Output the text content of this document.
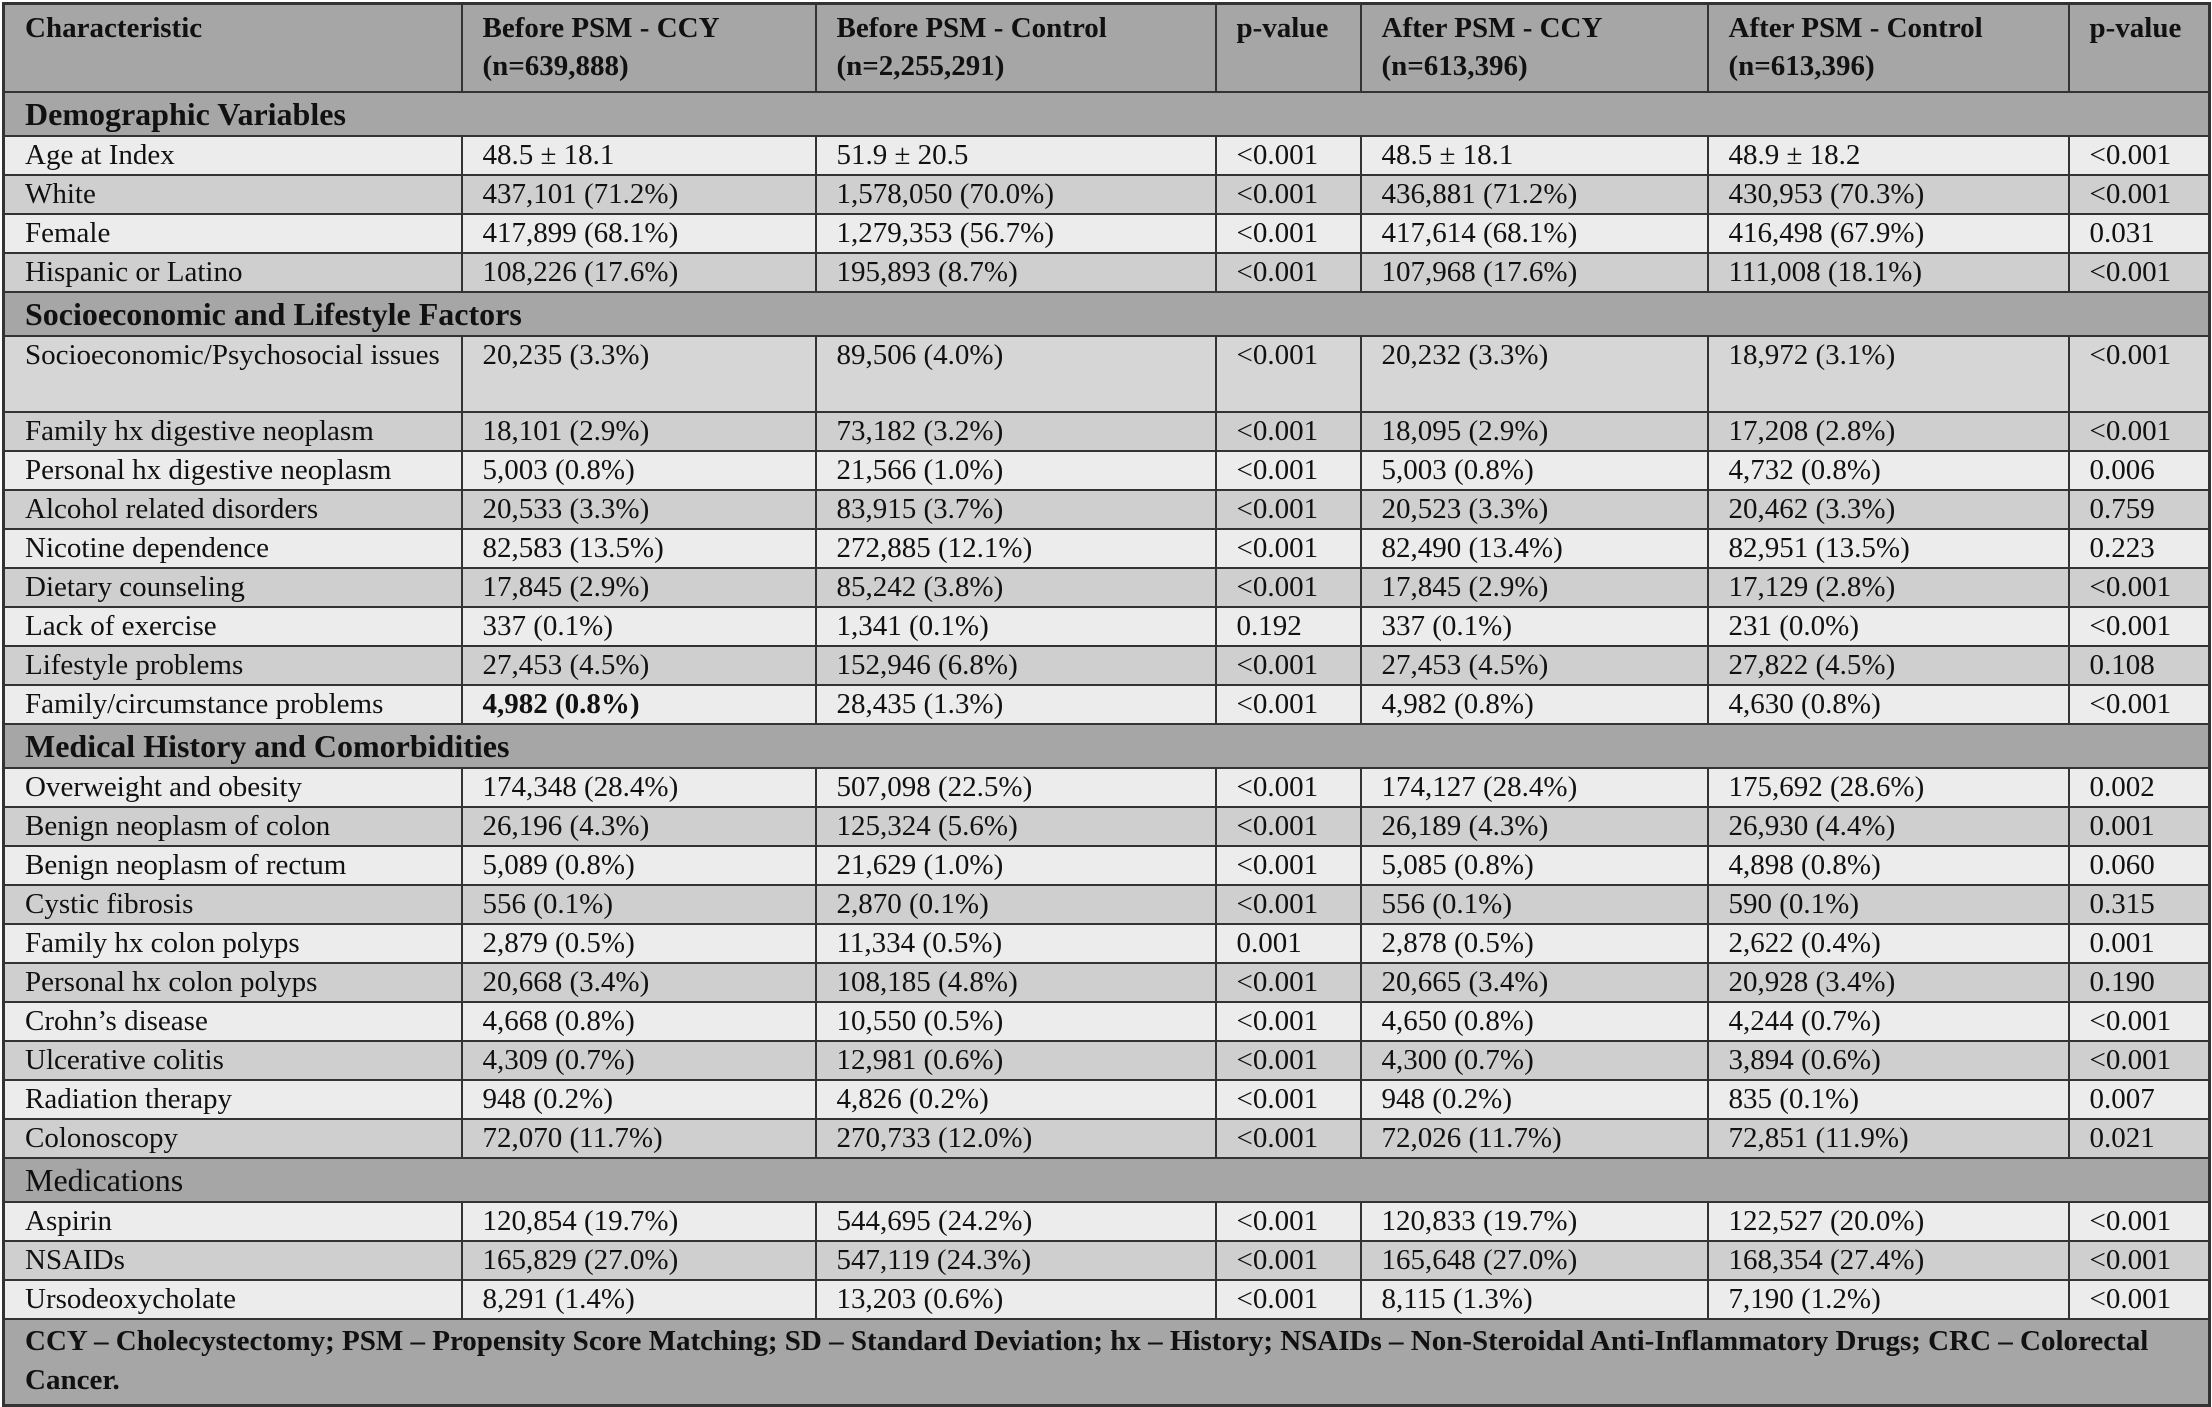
Characteristic	Before PSM - CCY (n=639,888)	Before PSM - Control (n=2,255,291)	p-value	After PSM - CCY (n=613,396)	After PSM - Control (n=613,396)	p-value
Demographic Variables						
Age at Index	48.5 ± 18.1	51.9 ± 20.5	<0.001	48.5 ± 18.1	48.9 ± 18.2	<0.001
White	437,101 (71.2%)	1,578,050 (70.0%)	<0.001	436,881 (71.2%)	430,953 (70.3%)	<0.001
Female	417,899 (68.1%)	1,279,353 (56.7%)	<0.001	417,614 (68.1%)	416,498 (67.9%)	0.031
Hispanic or Latino	108,226 (17.6%)	195,893 (8.7%)	<0.001	107,968 (17.6%)	111,008 (18.1%)	<0.001
Socioeconomic and Lifestyle Factors						
Socioeconomic/Psychosocial issues	20,235 (3.3%)	89,506 (4.0%)	<0.001	20,232 (3.3%)	18,972 (3.1%)	<0.001
Family hx digestive neoplasm	18,101 (2.9%)	73,182 (3.2%)	<0.001	18,095 (2.9%)	17,208 (2.8%)	<0.001
Personal hx digestive neoplasm	5,003 (0.8%)	21,566 (1.0%)	<0.001	5,003 (0.8%)	4,732 (0.8%)	0.006
Alcohol related disorders	20,533 (3.3%)	83,915 (3.7%)	<0.001	20,523 (3.3%)	20,462 (3.3%)	0.759
Nicotine dependence	82,583 (13.5%)	272,885 (12.1%)	<0.001	82,490 (13.4%)	82,951 (13.5%)	0.223
Dietary counseling	17,845 (2.9%)	85,242 (3.8%)	<0.001	17,845 (2.9%)	17,129 (2.8%)	<0.001
Lack of exercise	337 (0.1%)	1,341 (0.1%)	0.192	337 (0.1%)	231 (0.0%)	<0.001
Lifestyle problems	27,453 (4.5%)	152,946 (6.8%)	<0.001	27,453 (4.5%)	27,822 (4.5%)	0.108
Family/circumstance problems	4,982 (0.8%)	28,435 (1.3%)	<0.001	4,982 (0.8%)	4,630 (0.8%)	<0.001
Medical History and Comorbidities						
Overweight and obesity	174,348 (28.4%)	507,098 (22.5%)	<0.001	174,127 (28.4%)	175,692 (28.6%)	0.002
Benign neoplasm of colon	26,196 (4.3%)	125,324 (5.6%)	<0.001	26,189 (4.3%)	26,930 (4.4%)	0.001
Benign neoplasm of rectum	5,089 (0.8%)	21,629 (1.0%)	<0.001	5,085 (0.8%)	4,898 (0.8%)	0.060
Cystic fibrosis	556 (0.1%)	2,870 (0.1%)	<0.001	556 (0.1%)	590 (0.1%)	0.315
Family hx colon polyps	2,879 (0.5%)	11,334 (0.5%)	0.001	2,878 (0.5%)	2,622 (0.4%)	0.001
Personal hx colon polyps	20,668 (3.4%)	108,185 (4.8%)	<0.001	20,665 (3.4%)	20,928 (3.4%)	0.190
Crohn’s disease	4,668 (0.8%)	10,550 (0.5%)	<0.001	4,650 (0.8%)	4,244 (0.7%)	<0.001
Ulcerative colitis	4,309 (0.7%)	12,981 (0.6%)	<0.001	4,300 (0.7%)	3,894 (0.6%)	<0.001
Radiation therapy	948 (0.2%)	4,826 (0.2%)	<0.001	948 (0.2%)	835 (0.1%)	0.007
Colonoscopy	72,070 (11.7%)	270,733 (12.0%)	<0.001	72,026 (11.7%)	72,851 (11.9%)	0.021
Medications						
Aspirin	120,854 (19.7%)	544,695 (24.2%)	<0.001	120,833 (19.7%)	122,527 (20.0%)	<0.001
NSAIDs	165,829 (27.0%)	547,119 (24.3%)	<0.001	165,648 (27.0%)	168,354 (27.4%)	<0.001
Ursodeoxycholate	8,291 (1.4%)	13,203 (0.6%)	<0.001	8,115 (1.3%)	7,190 (1.2%)	<0.001
CCY – Cholecystectomy; PSM – Propensity Score Matching; SD – Standard Deviation; hx – History; NSAIDs – Non-Steroidal Anti-Inflammatory Drugs; CRC – Colorectal Cancer.						
